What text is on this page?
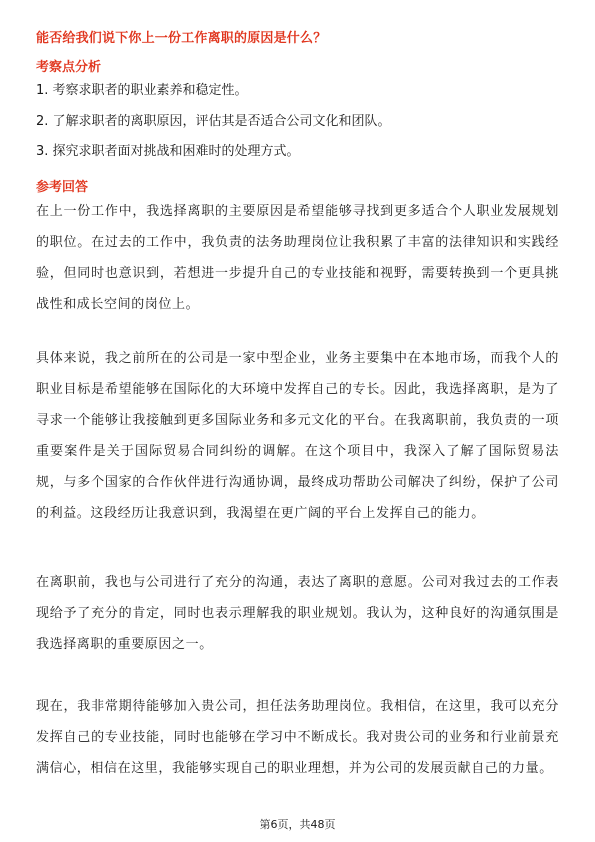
能否给我们说下你上一份工作离职的原因是什么？
考察点分析
1. 考察求职者的职业素养和稳定性。
2. 了解求职者的离职原因，评估其是否适合公司文化和团队。
3. 探究求职者面对挑战和困难时的处理方式。
参考回答
在上一份工作中，我选择离职的主要原因是希望能够寻找到更多适合个人职业发展规划的职位。在过去的工作中，我负责的法务助理岗位让我积累了丰富的法律知识和实践经验，但同时也意识到，若想进一步提升自己的专业技能和视野，需要转换到一个更具挑战性和成长空间的岗位上。
具体来说，我之前所在的公司是一家中型企业，业务主要集中在本地市场，而我个人的职业目标是希望能够在国际化的大环境中发挥自己的专长。因此，我选择离职，是为了寻求一个能够让我接触到更多国际业务和多元文化的平台。在我离职前，我负责的一项重要案件是关于国际贸易合同纠纷的调解。在这个项目中，我深入了解了国际贸易法规，与多个国家的合作伙伴进行沟通协调，最终成功帮助公司解决了纠纷，保护了公司的利益。这段经历让我意识到，我渴望在更广阔的平台上发挥自己的能力。
在离职前，我也与公司进行了充分的沟通，表达了离职的意愿。公司对我过去的工作表现给予了充分的肯定，同时也表示理解我的职业规划。我认为，这种良好的沟通氛围是我选择离职的重要原因之一。
现在，我非常期待能够加入贵公司，担任法务助理岗位。我相信，在这里，我可以充分发挥自己的专业技能，同时也能够在学习中不断成长。我对贵公司的业务和行业前景充满信心，相信在这里，我能够实现自己的职业理想，并为公司的发展贡献自己的力量。
第6页，共48页
